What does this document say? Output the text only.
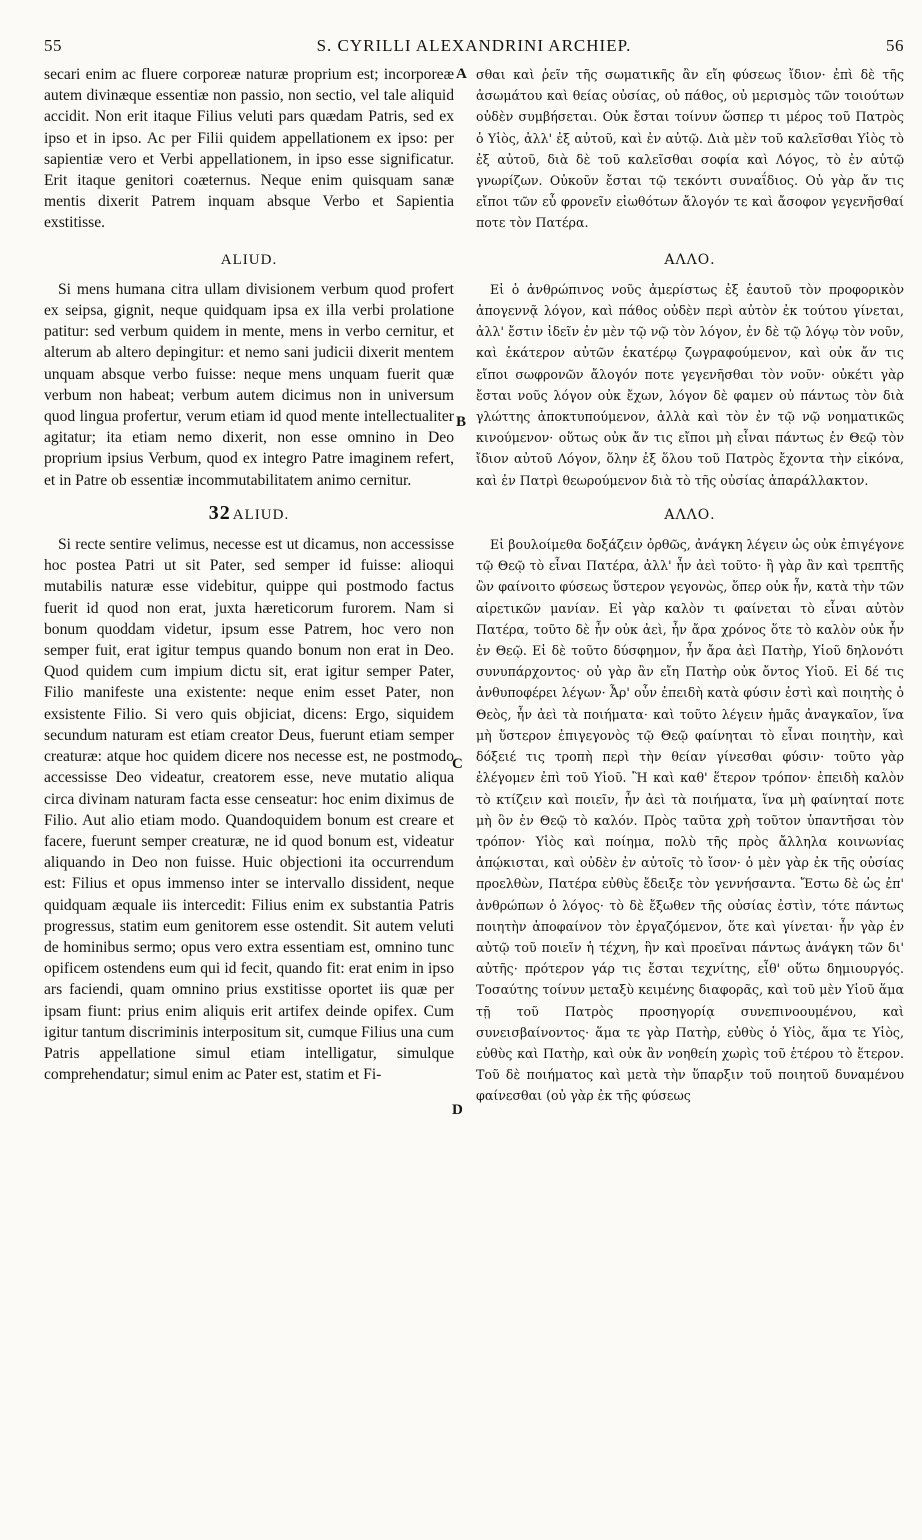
55	S. CYRILLI ALEXANDRINI ARCHIEP.	56

secari enim ac fluere corporeæ naturæ proprium est; incorporeæ autem divinæque essentiæ non passio, non sectio, vel tale aliquid accidit. Non erit itaque Filius veluti pars quædam Patris, sed ex ipso et in ipso. Ac per Filii quidem appellationem ex ipso: per sapientiæ vero et Verbi appellationem, in ipso esse significatur. Erit itaque genitori coæternus. Neque enim quisquam sanæ mentis dixerit Patrem inquam absque Verbo et Sapientia exstitisse.

ALIUD.

Si mens humana citra ullam divisionem verbum quod profert ex seipsa, gignit, neque quidquam ipsa ex illa verbi prolatione patitur: sed verbum quidem in mente, mens in verbo cernitur, et alterum ab altero depingitur: et nemo sani judicii dixerit mentem unquam absque verbo fuisse: neque mens unquam fuerit quæ verbum non habeat; verbum autem dicimus non in universum quod lingua profertur, verum etiam id quod mente intellectualiter agitatur; ita etiam nemo dixerit, non esse omnino in Deo proprium ipsius Verbum, quod ex integro Patre imaginem refert, et in Patre ob essentiæ incommutabilitatem animo cernitur.

32 ALIUD.

Si recte sentire velimus, necesse est ut dicamus, non accessisse hoc postea Patri ut sit Pater, sed semper id fuisse: alioqui mutabilis naturæ esse videbitur, quippe qui postmodo factus fuerit id quod non erat, juxta hæreticorum furorem. Nam si bonum quoddam videtur, ipsum esse Patrem, hoc vero non semper fuit, erat igitur tempus quando bonum non erat in Deo. Quod quidem cum impium dictu sit, erat igitur semper Pater, Filio manifeste una existente: neque enim esset Pater, non exsistente Filio. Si vero quis objiciat, dicens: Ergo, siquidem secundum naturam est etiam creator Deus, fuerunt etiam semper creaturæ: atque hoc quidem dicere nos necesse est, ne postmodo accessisse Deo videatur, creatorem esse, neve mutatio aliqua circa divinam naturam facta esse censeatur: hoc enim diximus de Filio. Aut alio etiam modo. Quandoquidem bonum est creare et facere, fuerunt semper creaturæ, ne id quod bonum est, videatur aliquando in Deo non fuisse. Huic objectioni ita occurrendum est: Filius et opus immenso inter se intervallo dissident, neque quidquam æquale iis intercedit: Filius enim ex substantia Patris progressus, statim eum genitorem esse ostendit. Sit autem veluti de hominibus sermo; opus vero extra essentiam est, omnino tunc opificem ostendens eum qui id fecit, quando fit: erat enim in ipso ars faciendi, quam omnino prius exstitisse oportet iis quæ per ipsam fiunt: prius enim aliquis erit artifex deinde opifex. Cum igitur tantum discriminis interpositum sit, cumque Filius una cum Patris appellatione simul etiam intelligatur, simulque comprehendatur; simul enim ac Pater est, statim et Fi-

σθαι καὶ ῥεῖν τῆς σωματικῆς ἂν εἴη φύσεως ἴδιον· ἐπὶ δὲ τῆς ἀσωμάτου καὶ θείας οὐσίας, οὐ πάθος, οὐ μερισμὸς τῶν τοιούτων οὐδὲν συμβήσεται. Οὐκ ἔσται τοίνυν ὥσπερ τι μέρος τοῦ Πατρὸς ὁ Υἱὸς, ἀλλ' ἐξ αὐτοῦ, καὶ ἐν αὐτῷ. Διὰ μὲν τοῦ καλεῖσθαι Υἱὸς τὸ ἐξ αὐτοῦ, διὰ δὲ τοῦ καλεῖσθαι σοφία καὶ Λόγος, τὸ ἐν αὐτῷ γνωρίζων. Οὐκοῦν ἔσται τῷ τεκόντι συναΐδιος. Οὐ γὰρ ἄν τις εἴποι τῶν εὖ φρονεῖν εἰωθότων ἄλογόν τε καὶ ἄσοφον γεγενῆσθαί ποτε τὸν Πατέρα.

ΑΛΛΟ.

Εἰ ὁ ἀνθρώπινος νοῦς ἀμερίστως ἐξ ἑαυτοῦ τὸν προφορικὸν ἀπογεννᾷ λόγον, καὶ πάθος οὐδὲν περὶ αὐτὸν ἐκ τούτου γίνεται, ἀλλ' ἔστιν ἰδεῖν ἐν μὲν τῷ νῷ τὸν λόγον, ἐν δὲ τῷ λόγῳ τὸν νοῦν, καὶ ἑκάτερον αὐτῶν ἑκατέρῳ ζωγραφούμενον, καὶ οὐκ ἄν τις εἴποι σωφρονῶν ἄλογόν ποτε γεγενῆσθαι τὸν νοῦν· οὐκέτι γὰρ ἔσται νοῦς λόγον οὐκ ἔχων, λόγον δὲ φαμεν οὐ πάντως τὸν διὰ γλώττης ἀποκτυπούμενον, ἀλλὰ καὶ τὸν ἐν τῷ νῷ νοηματικῶς κινούμενον· οὕτως οὐκ ἄν τις εἴποι μὴ εἶναι πάντως ἐν Θεῷ τὸν ἴδιον αὐτοῦ Λόγον, ὅλην ἐξ ὅλου τοῦ Πατρὸς ἔχοντα τὴν εἰκόνα, καὶ ἐν Πατρὶ θεωρούμενον διὰ τὸ τῆς οὐσίας ἀπαράλλακτον.

ΑΛΛΟ.

Εἰ βουλοίμεθα δοξάζειν ὀρθῶς, ἀνάγκη λέγειν ὡς οὐκ ἐπιγέγονε τῷ Θεῷ τὸ εἶναι Πατέρα, ἀλλ' ἦν ἀεὶ τοῦτο· ἢ γὰρ ἂν καὶ τρεπτῆς ὢν φαίνοιτο φύσεως ὕστερον γεγονὼς, ὅπερ οὐκ ἦν, κατὰ τὴν τῶν αἱρετικῶν μανίαν. Εἰ γὰρ καλὸν τι φαίνεται τὸ εἶναι αὐτὸν Πατέρα, τοῦτο δὲ ἦν οὐκ ἀεὶ, ἦν ἄρα χρόνος ὅτε τὸ καλὸν οὐκ ἦν ἐν Θεῷ. Εἰ δὲ τοῦτο δύσφημον, ἦν ἄρα ἀεὶ Πατὴρ, Υἱοῦ δηλονότι συνυπάρχοντος· οὐ γὰρ ἂν εἴη Πατὴρ οὐκ ὄντος Υἱοῦ. Εἰ δέ τις ἀνθυποφέρει λέγων· Ἆρ' οὖν ἐπειδὴ κατὰ φύσιν ἐστὶ καὶ ποιητὴς ὁ Θεὸς, ἦν ἀεὶ τὰ ποιήματα· καὶ τοῦτο λέγειν ἡμᾶς ἀναγκαῖον, ἵνα μὴ ὕστερον ἐπιγεγονὸς τῷ Θεῷ φαίνηται τὸ εἶναι ποιητὴν, καὶ δόξειέ τις τροπὴ περὶ τὴν θείαν γίνεσθαι φύσιν· τοῦτο γὰρ ἐλέγομεν ἐπὶ τοῦ Υἱοῦ. Ἢ καὶ καθ' ἕτερον τρόπον· ἐπειδὴ καλὸν τὸ κτίζειν καὶ ποιεῖν, ἦν ἀεὶ τὰ ποιήματα, ἵνα μὴ φαίνηταί ποτε μὴ ὂν ἐν Θεῷ τὸ καλόν. Πρὸς ταῦτα χρὴ τοῦτον ὑπαντῆσαι τὸν τρόπον· Υἱὸς καὶ ποίημα, πολὺ τῆς πρὸς ἄλληλα κοινωνίας ἀπῴκισται, καὶ οὐδὲν ἐν αὐτοῖς τὸ ἴσον· ὁ μὲν γὰρ ἐκ τῆς οὐσίας προελθὼν, Πατέρα εὐθὺς ἔδειξε τὸν γεννήσαντα. Ἔστω δὲ ὡς ἐπ' ἀνθρώπων ὁ λόγος· τὸ δὲ ἔξωθεν τῆς οὐσίας ἐστὶν, τότε πάντως ποιητὴν ἀποφαίνον τὸν ἐργαζόμενον, ὅτε καὶ γίνεται· ἦν γὰρ ἐν αὐτῷ τοῦ ποιεῖν ἡ τέχνη, ἣν καὶ προεῖναι πάντως ἀνάγκη τῶν δι' αὐτῆς· πρότερον γάρ τις ἔσται τεχνίτης, εἶθ' οὕτω δημιουργός. Τοσαύτης τοίνυν μεταξὺ κειμένης διαφορᾶς, καὶ τοῦ μὲν Υἱοῦ ἅμα τῇ τοῦ Πατρὸς προσηγορίᾳ συνεπινοουμένου, καὶ συνεισβαίνοντος· ἅμα τε γὰρ Πατὴρ, εὐθὺς ὁ Υἱὸς, ἅμα τε Υἱὸς, εὐθὺς καὶ Πατὴρ, καὶ οὐκ ἂν νοηθείη χωρὶς τοῦ ἑτέρου τὸ ἕτερον. Τοῦ δὲ ποιήματος καὶ μετὰ τὴν ὕπαρξιν τοῦ ποιητοῦ δυναμένου φαίνεσθαι (οὐ γὰρ ἐκ τῆς φύσεως

A
B
C
D
